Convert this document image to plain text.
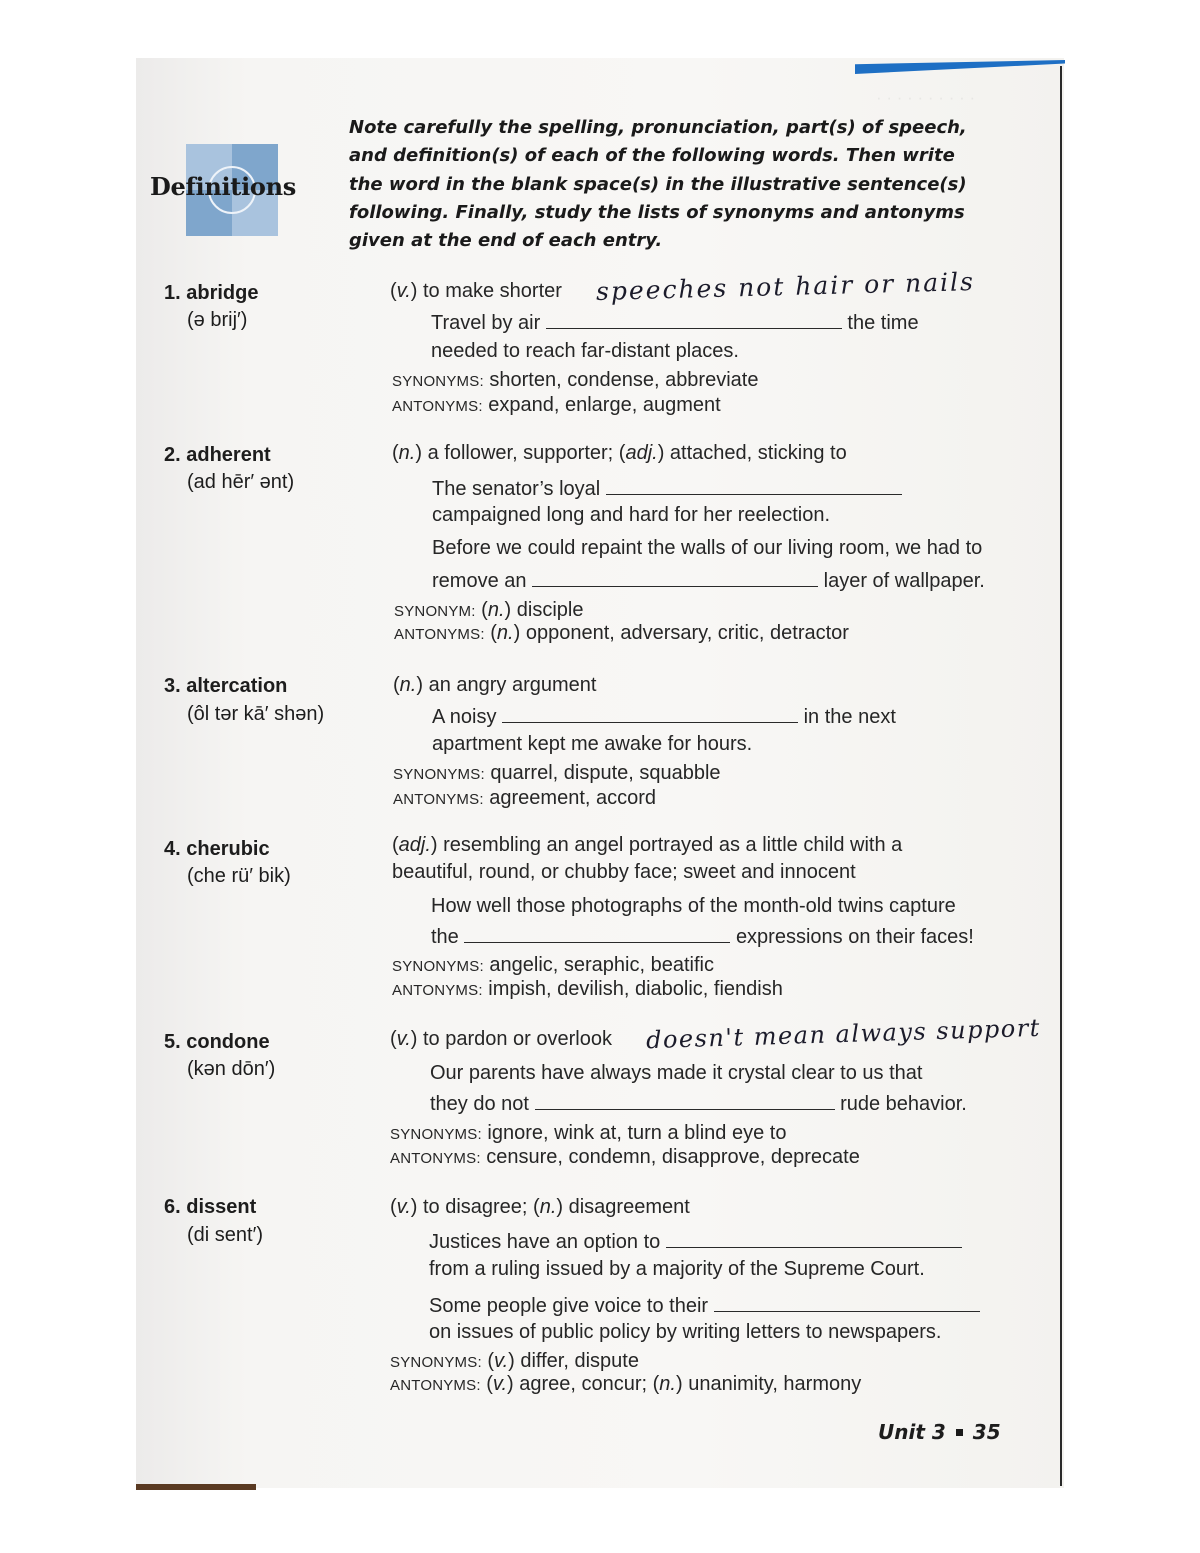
· · · · · · · · · ·
Definitions
Note carefully the spelling, pronunciation, part(s) of speech, and definition(s) of each of the following words. Then write the word in the blank space(s) in the illustrative sentence(s) following. Finally, study the lists of synonyms and antonyms given at the end of each entry.
1. abridge
(ə brij′)
(v.) to make shorter speeches not hair or nails
Travel by air	the time
needed to reach far-distant places.
SYNONYMS: shorten, condense, abbreviate
ANTONYMS: expand, enlarge, augment
2. adherent
(ad hēr′ ənt)
(n.) a follower, supporter; (adj.) attached, sticking to
The senator’s loyal
campaigned long and hard for her reelection.
Before we could repaint the walls of our living room, we had to
remove an	layer of wallpaper.
SYNONYM: (n.) disciple
ANTONYMS: (n.) opponent, adversary, critic, detractor
3. altercation
(ôl tər kā′ shən)
(n.) an angry argument
A noisy	in the next
apartment kept me awake for hours.
SYNONYMS: quarrel, dispute, squabble
ANTONYMS: agreement, accord
4. cherubic
(che rü′ bik)
(adj.) resembling an angel portrayed as a little child with a
beautiful, round, or chubby face; sweet and innocent
How well those photographs of the month-old twins capture
the	expressions on their faces!
SYNONYMS: angelic, seraphic, beatific
ANTONYMS: impish, devilish, diabolic, fiendish
5. condone
(kən dōn′)
(v.) to pardon or overlook doesn't mean always support
Our parents have always made it crystal clear to us that
they do not	rude behavior.
SYNONYMS: ignore, wink at, turn a blind eye to
ANTONYMS: censure, condemn, disapprove, deprecate
6. dissent
(di sent′)
(v.) to disagree; (n.) disagreement
Justices have an option to
from a ruling issued by a majority of the Supreme Court.
Some people give voice to their
on issues of public policy by writing letters to newspapers.
SYNONYMS: (v.) differ, dispute
ANTONYMS: (v.) agree, concur; (n.) unanimity, harmony
Unit 3 35
